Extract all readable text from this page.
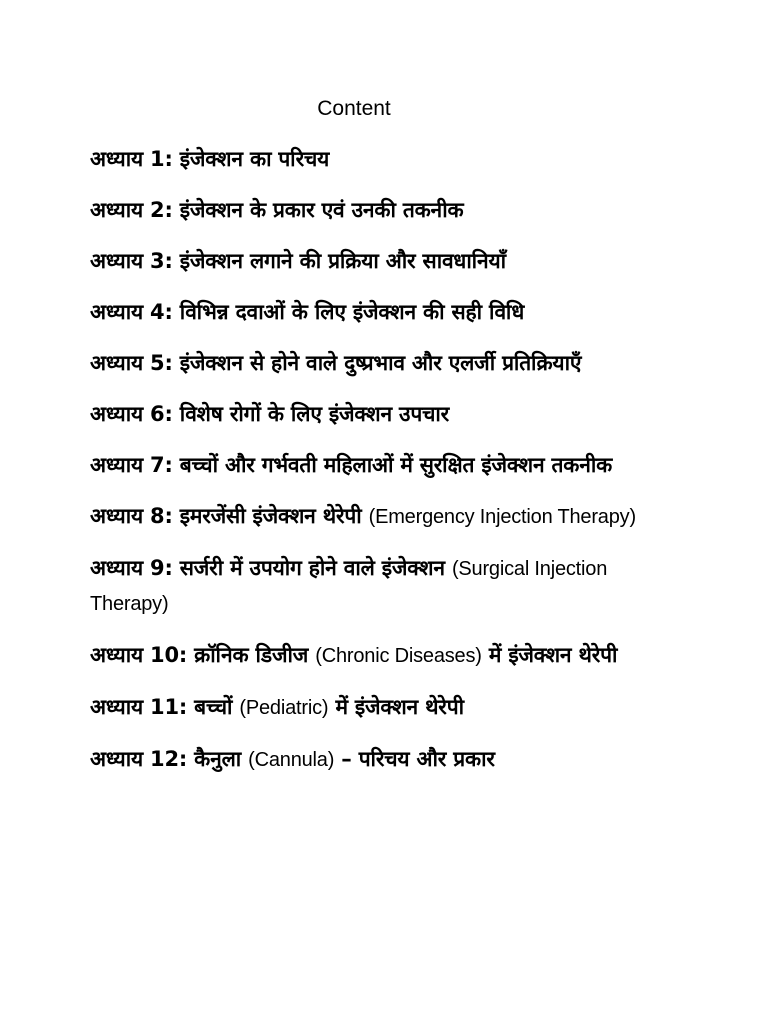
Content
अध्याय 1: इंजेक्शन का परिचय
अध्याय 2: इंजेक्शन के प्रकार एवं उनकी तकनीक
अध्याय 3: इंजेक्शन लगाने की प्रक्रिया और सावधानियाँ
अध्याय 4: विभिन्न दवाओं के लिए इंजेक्शन की सही विधि
अध्याय 5: इंजेक्शन से होने वाले दुष्प्रभाव और एलर्जी प्रतिक्रियाएँ
अध्याय 6: विशेष रोगों के लिए इंजेक्शन उपचार
अध्याय 7: बच्चों और गर्भवती महिलाओं में सुरक्षित इंजेक्शन तकनीक
अध्याय 8: इमरजेंसी इंजेक्शन थेरेपी (Emergency Injection Therapy)
अध्याय 9: सर्जरी में उपयोग होने वाले इंजेक्शन (Surgical Injection Therapy)
अध्याय 10: क्रॉनिक डिजीज (Chronic Diseases) में इंजेक्शन थेरेपी
अध्याय 11: बच्चों (Pediatric) में इंजेक्शन थेरेपी
अध्याय 12: कैनुला (Cannula) – परिचय और प्रकार
